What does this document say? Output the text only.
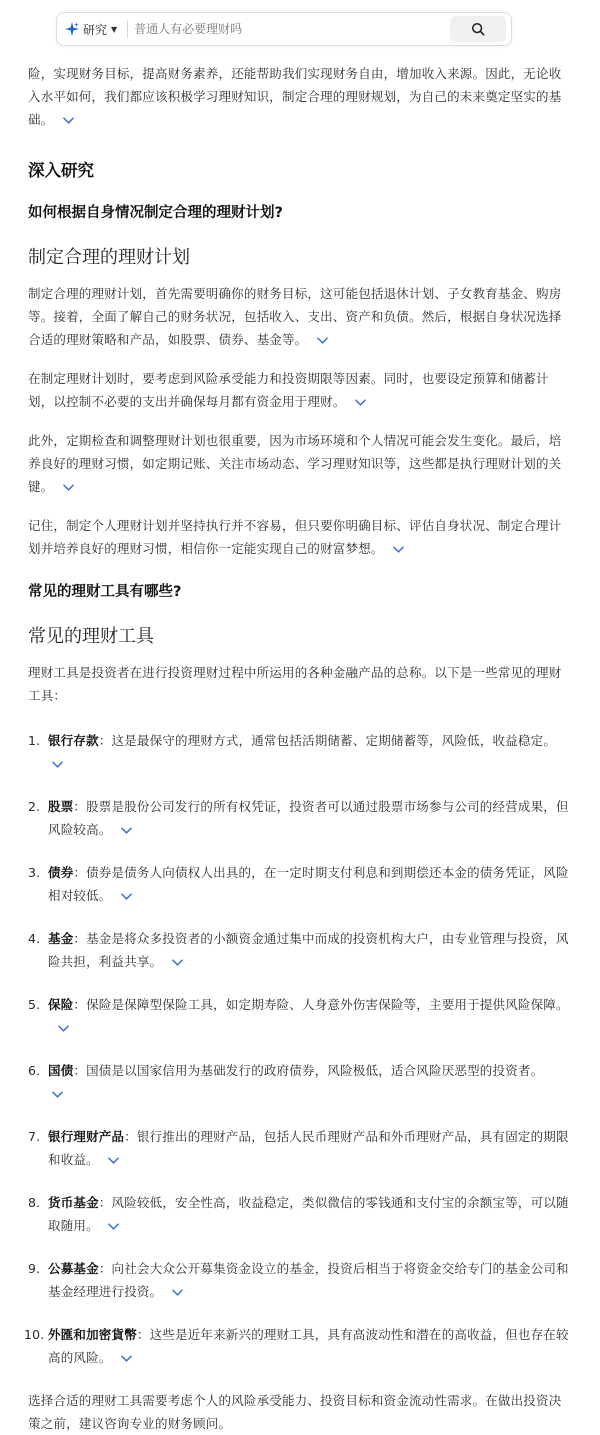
研究 ▼
普通人有必要理财吗

险，实现财务目标，提高财务素养，还能帮助我们实现财务自由，增加收入来源。因此，无论收入水平如何，我们都应该积极学习理财知识，制定合理的理财规划，为自己的未来奠定坚实的基础。

深入研究
如何根据自身情况制定合理的理财计划?
制定合理的理财计划

制定合理的理财计划，首先需要明确你的财务目标，这可能包括退休计划、子女教育基金、购房等。接着，全面了解自己的财务状况，包括收入、支出、资产和负债。然后，根据自身状况选择合适的理财策略和产品，如股票、债券、基金等。

在制定理财计划时，要考虑到风险承受能力和投资期限等因素。同时，也要设定预算和储蓄计划，以控制不必要的支出并确保每月都有资金用于理财。

此外，定期检查和调整理财计划也很重要，因为市场环境和个人情况可能会发生变化。最后，培养良好的理财习惯，如定期记账、关注市场动态、学习理财知识等，这些都是执行理财计划的关键。

记住，制定个人理财计划并坚持执行并不容易，但只要你明确目标、评估自身状况、制定合理计划并培养良好的理财习惯，相信你一定能实现自己的财富梦想。

常见的理财工具有哪些?
常见的理财工具

理财工具是投资者在进行投资理财过程中所运用的各种金融产品的总称。以下是一些常见的理财工具：

1. 银行存款：这是最保守的理财方式，通常包括活期储蓄、定期储蓄等，风险低，收益稳定。

2. 股票：股票是股份公司发行的所有权凭证，投资者可以通过股票市场参与公司的经营成果，但风险较高。
3. 债券：债券是债务人向债权人出具的，在一定时期支付利息和到期偿还本金的债务凭证，风险相对较低。
4. 基金：基金是将众多投资者的小额资金通过集中而成的投资机构大户，由专业管理与投资，风险共担，利益共享。
5. 保险：保险是保障型保险工具，如定期寿险、人身意外伤害保险等，主要用于提供风险保障。
6. 国债：国债是以国家信用为基础发行的政府债券，风险极低，适合风险厌恶型的投资者。

7. 银行理财产品：银行推出的理财产品，包括人民币理财产品和外币理财产品，具有固定的期限和收益。
8. 货币基金：风险较低，安全性高，收益稳定，类似微信的零钱通和支付宝的余额宝等，可以随取随用。
9. 公募基金：向社会大众公开募集资金设立的基金，投资后相当于将资金交给专门的基金公司和基金经理进行投资。
10. 外匯和加密貨幣：这些是近年来新兴的理财工具，具有高波动性和潜在的高收益，但也存在较高的风险。

选择合适的理财工具需要考虑个人的风险承受能力、投资目标和资金流动性需求。在做出投资决策之前，建议咨询专业的财务顾问。
